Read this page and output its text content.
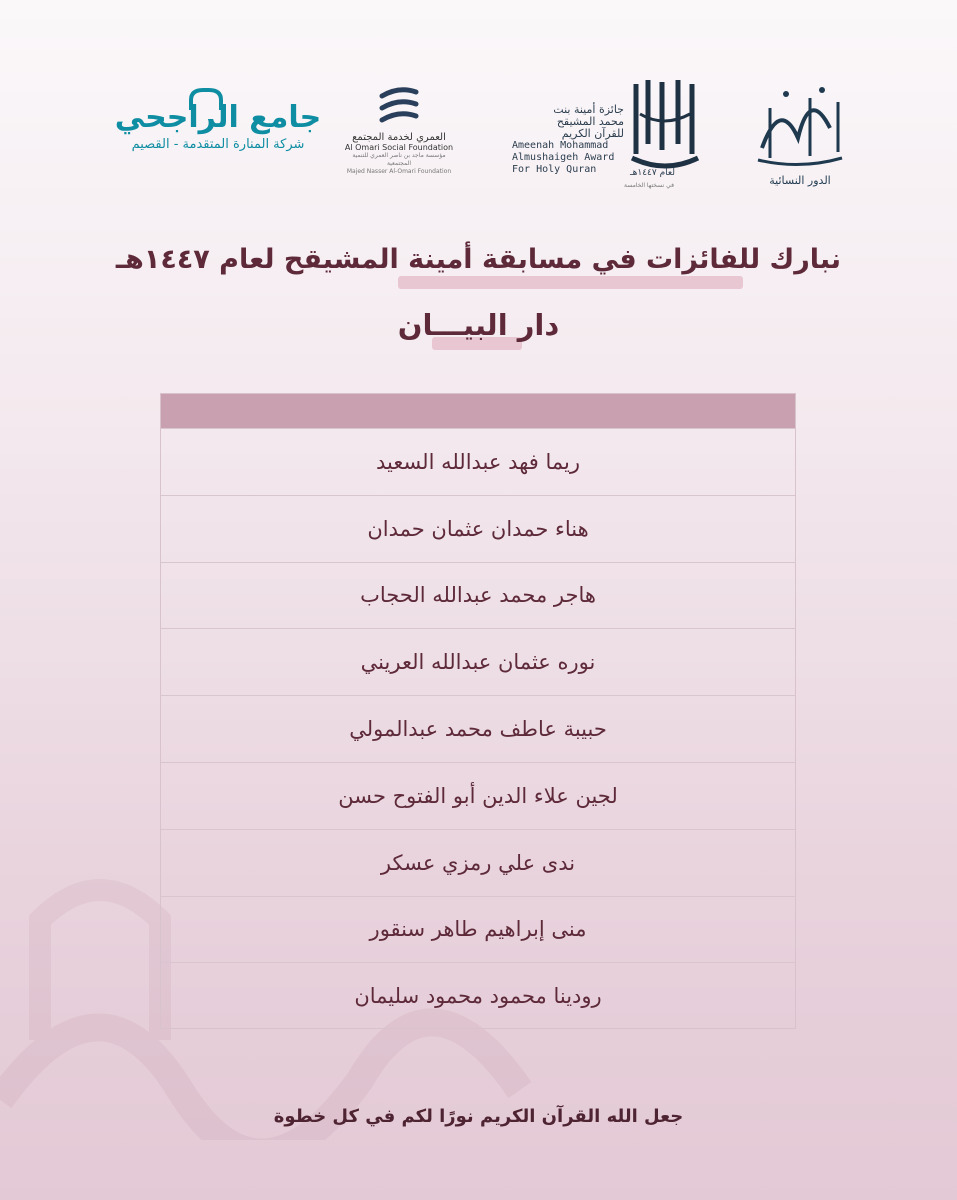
جامع الراجحي
شركة المنارة المتقدمة - القصيم	العمري لخدمة المجتمع
Al Omari Social Foundation
مؤسسة ماجد بن ناصر العمري للتنمية المجتمعية
Majed Nasser Al-Omari Foundation
جائزة أمينة بنت
محمد المشيقح
للقرآن الكريم
Ameenah Mohammad
Almushaigeh Award
For Holy Quran	لعام ١٤٤٧هـ
في نسختها الخامسة	الدور النسائية
نبارك للفائزات في مسابقة أمينة المشيقح لعام ١٤٤٧هـ
دار البيـــان
ريما فهد عبدالله السعيد
هناء حمدان عثمان حمدان
هاجر محمد عبدالله الحجاب
نوره عثمان عبدالله العريني
حبيبة عاطف محمد عبدالمولي
لجين علاء الدين أبو الفتوح حسن
ندى علي رمزي عسكر
منى إبراهيم طاهر سنقور
رودينا محمود محمود سليمان
جعل الله القرآن الكريم نورًا لكم في كل خطوة
